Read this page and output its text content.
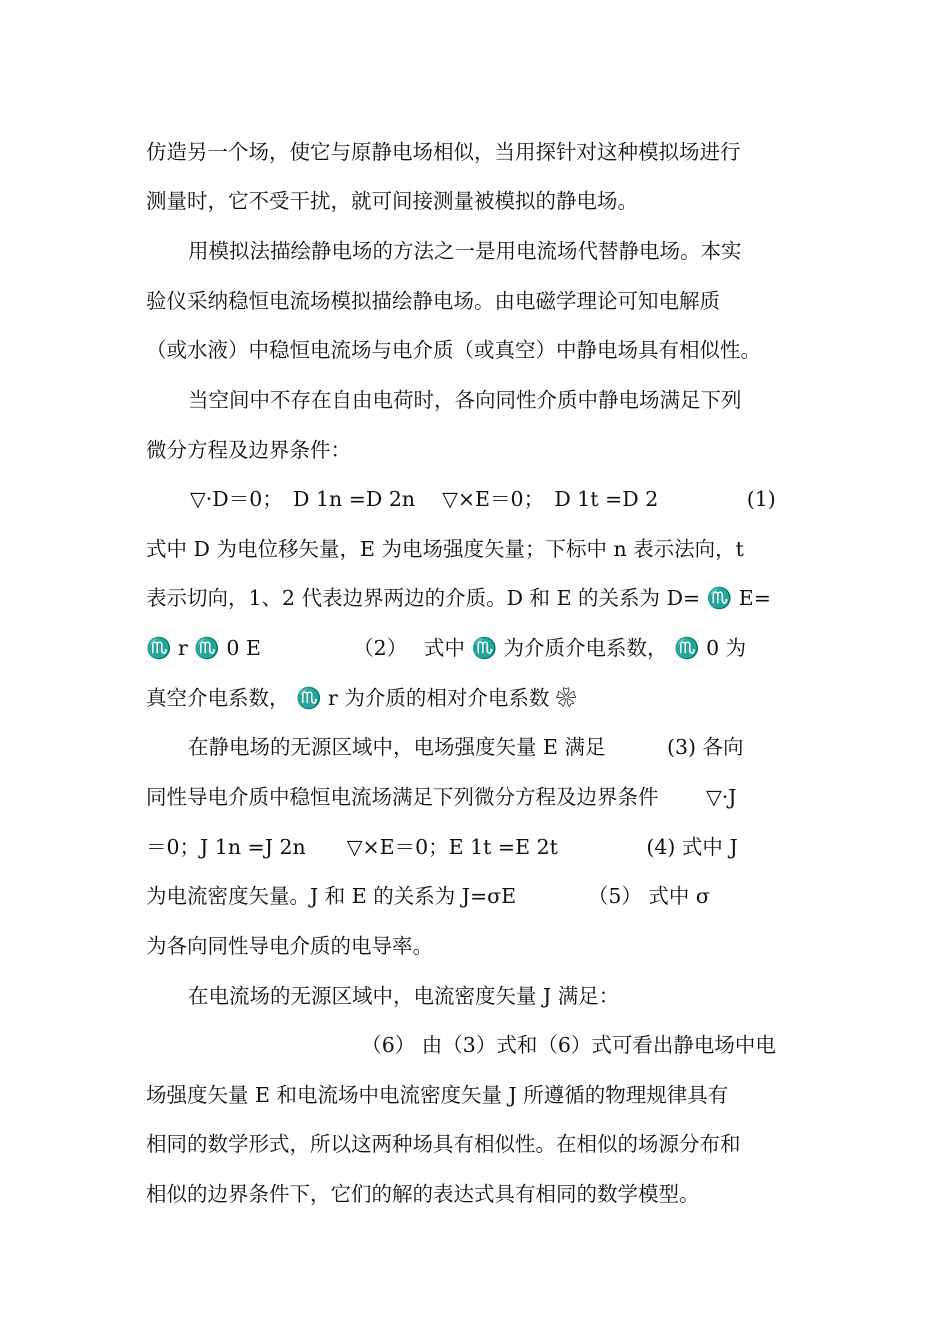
仿造另一个场，使它与原静电场相似，当用探针对这种模拟场进行
测量时，它不受干扰，就可间接测量被模拟的静电场。
用模拟法描绘静电场的方法之一是用电流场代替静电场。本实
验仪采纳稳恒电流场模拟描绘静电场。由电磁学理论可知电解质
（或水液）中稳恒电流场与电介质（或真空）中静电场具有相似性。
当空间中不存在自由电荷时，各向同性介质中静电场满足下列
微分方程及边界条件：
▽·D＝0；　D 1n =D 2n　 ▽×E＝0；　D 1t =D 2　　　　 (1)
式中 D 为电位移矢量，E 为电场强度矢量；下标中 n 表示法向，t
表示切向，1、2 代表边界两边的介质。D 和 E 的关系为 D= ♏ E=
♏ r ♏ 0 E　　　　　（2）　 式中 ♏ 为介质介电系数， ♏ 0 为
真空介电系数， ♏ r 为介质的相对介电系数 ❀
在静电场的无源区域中，电场强度矢量 E 满足　　　(3) 各向
同性导电介质中稳恒电流场满足下列微分方程及边界条件　　 ▽·J
＝0；J 1n =J 2n　　▽×E＝0；E 1t =E 2t　　　　 (4) 式中 J
为电流密度矢量。J 和 E 的关系为 J=σE　　　　（5） 式中 σ
为各向同性导电介质的电导率。
在电流场的无源区域中，电流密度矢量 J 满足：
　　　　　　　　　　　（6） 由（3）式和（6）式可看出静电场中电
场强度矢量 E 和电流场中电流密度矢量 J 所遵循的物理规律具有
相同的数学形式，所以这两种场具有相似性。在相似的场源分布和
相似的边界条件下，它们的解的表达式具有相同的数学模型。
